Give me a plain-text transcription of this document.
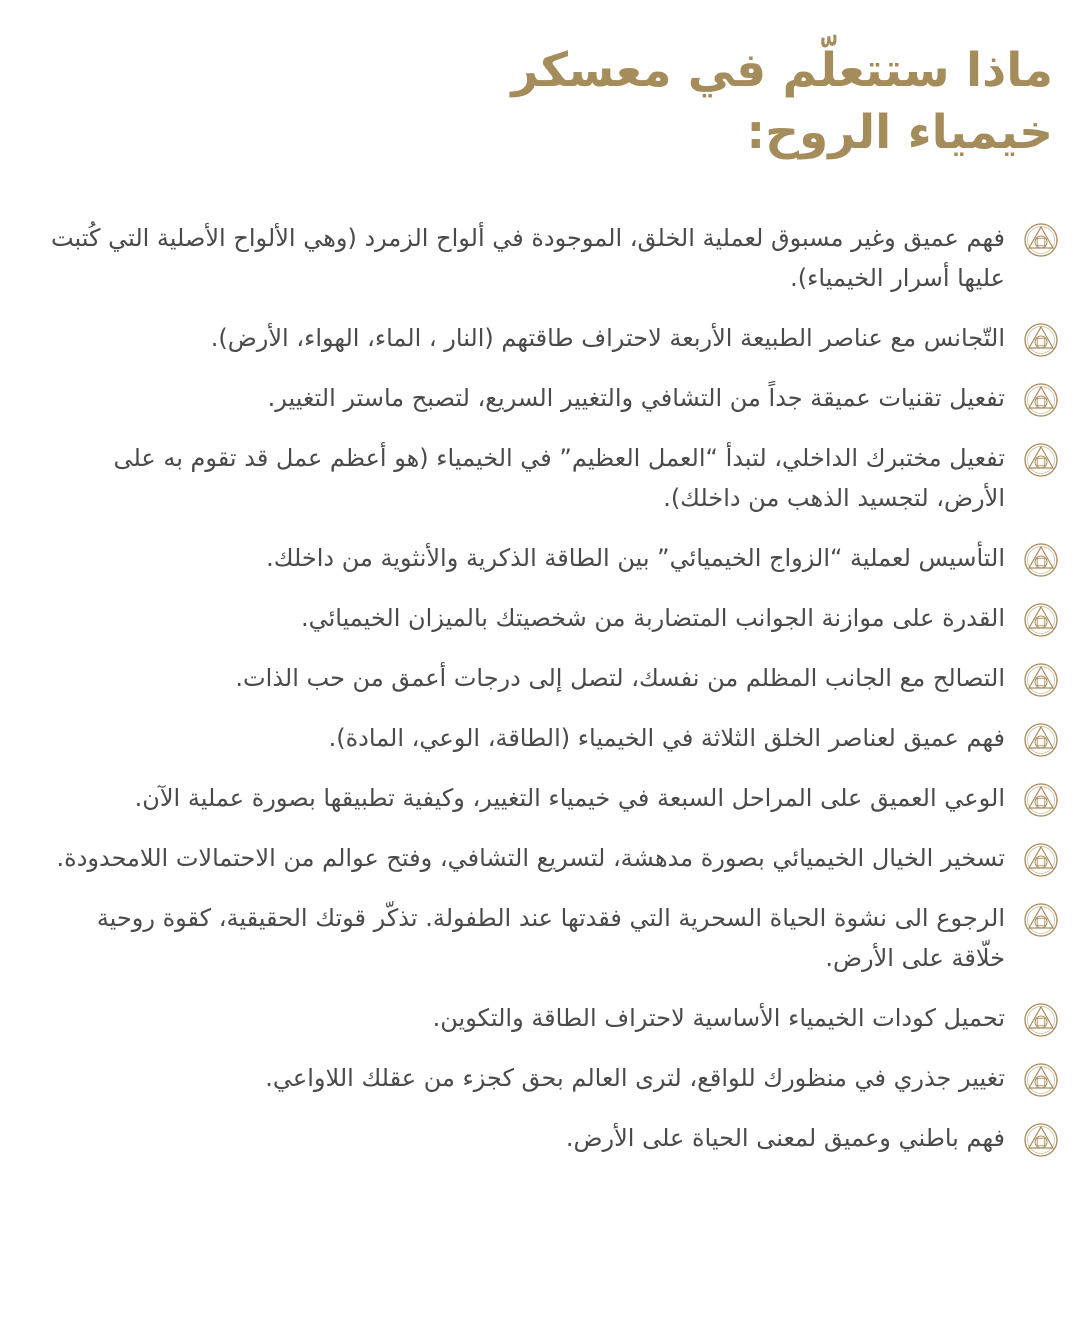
ماذا ستتعلّم في معسكر خيمياء الروح:
فهم عميق وغير مسبوق لعملية الخلق، الموجودة في ألواح الزمرد (وهي الألواح الأصلية التي كُتبت عليها أسرار الخيمياء).
التّجانس مع عناصر الطبيعة الأربعة لاحتراف طاقتهم (النار ، الماء، الهواء، الأرض).
تفعيل تقنيات عميقة جداً من التشافي والتغيير السريع، لتصبح ماستر التغيير.
تفعيل مختبرك الداخلي، لتبدأ “العمل العظيم” في الخيمياء (هو أعظم عمل قد تقوم به على الأرض، لتجسيد الذهب من داخلك).
التأسيس لعملية “الزواج الخيميائي” بين الطاقة الذكرية والأنثوية من داخلك.
القدرة على موازنة الجوانب المتضاربة من شخصيتك بالميزان الخيميائي.
التصالح مع الجانب المظلم من نفسك، لتصل إلى درجات أعمق من حب الذات.
فهم عميق لعناصر الخلق الثلاثة في الخيمياء (الطاقة، الوعي، المادة).
الوعي العميق على المراحل السبعة في خيمياء التغيير، وكيفية تطبيقها بصورة عملية الآن.
تسخير الخيال الخيميائي بصورة مدهشة، لتسريع التشافي، وفتح عوالم من الاحتمالات اللامحدودة.
الرجوع الى نشوة الحياة السحرية التي فقدتها عند الطفولة. تذكّر قوتك الحقيقية، كقوة روحية خلّاقة على الأرض.
تحميل كودات الخيمياء الأساسية لاحتراف الطاقة والتكوين.
تغيير جذري في منظورك للواقع، لترى العالم بحق كجزء من عقلك اللاواعي.
فهم باطني وعميق لمعنى الحياة على الأرض.
